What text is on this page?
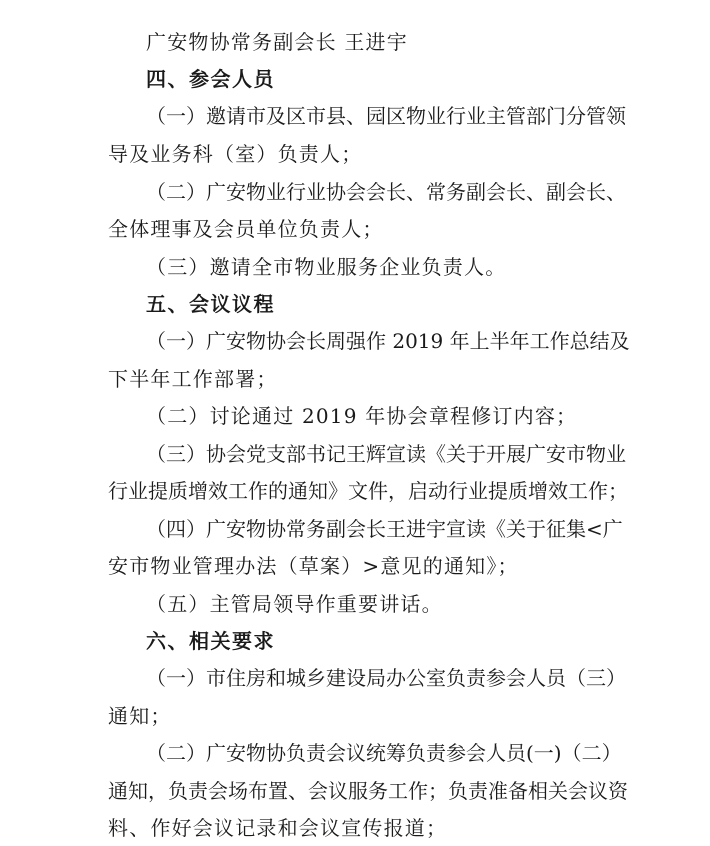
广安物协常务副会长 王进宇
四、参会人员
（一）邀请市及区市县、园区物业行业主管部门分管领
导及业务科（室）负责人；
（二）广安物业行业协会会长、常务副会长、副会长、
全体理事及会员单位负责人；
（三）邀请全市物业服务企业负责人。
五、会议议程
（一）广安物协会长周强作 2019 年上半年工作总结及
下半年工作部署；
（二）讨论通过 2019 年协会章程修订内容；
（三）协会党支部书记王辉宣读《关于开展广安市物业
行业提质增效工作的通知》文件，启动行业提质增效工作；
（四）广安物协常务副会长王进宇宣读《关于征集<广
安市物业管理办法（草案）>意见的通知》；
（五）主管局领导作重要讲话。
六、相关要求
（一）市住房和城乡建设局办公室负责参会人员（三）
通知；
（二）广安物协负责会议统筹负责参会人员(一)（二）
通知，负责会场布置、会议服务工作；负责准备相关会议资
料、作好会议记录和会议宣传报道；
